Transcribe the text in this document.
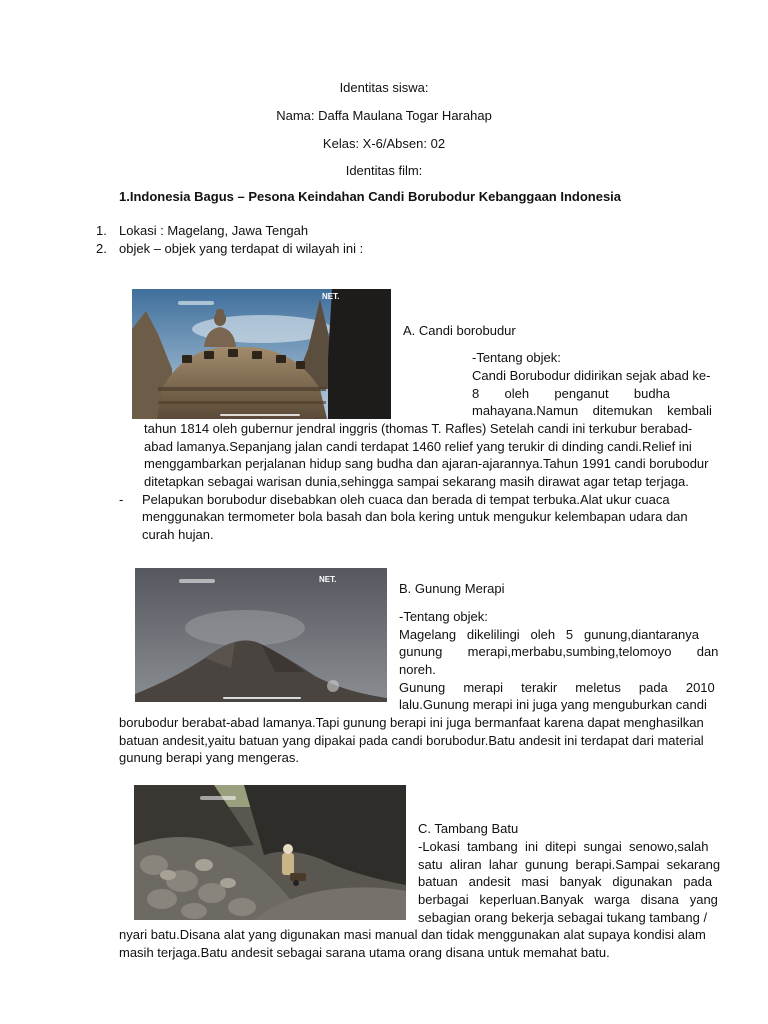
Identitas siswa:
Nama: Daffa Maulana Togar Harahap
Kelas: X-6/Absen: 02
Identitas film:
1.Indonesia Bagus – Pesona Keindahan Candi Borubodur Kebanggaan Indonesia
1. Lokasi : Magelang, Jawa Tengah
2. objek – objek yang terdapat di wilayah ini :
NET.
A. Candi borobudur
-Tentang objek:
Candi Borubodur didirikan sejak abad ke-
8       oleh       penganut       budha
mahayana.Namun    ditemukan    kembali
tahun 1814 oleh gubernur jendral inggris (thomas T. Rafles) Setelah candi ini terkubur berabad-
abad lamanya.Sepanjang jalan candi terdapat 1460 relief yang terukir di dinding candi.Relief ini
menggambarkan perjalanan hidup sang budha dan ajaran-ajarannya.Tahun 1991 candi borubodur
ditetapkan sebagai warisan dunia,sehingga sampai sekarang masih dirawat agar tetap terjaga.
- Pelapukan borubodur disebabkan oleh cuaca dan berada di tempat terbuka.Alat ukur cuaca
menggunakan termometer bola basah dan bola kering untuk mengukur kelembapan udara dan
curah hujan.
NET.
B. Gunung Merapi
-Tentang objek:
Magelang   dikelilingi   oleh   5   gunung,diantaranya
gunung       merapi,merbabu,sumbing,telomoyo       dan
noreh.
Gunung     merapi     terakir     meletus     pada     2010
lalu.Gunung merapi ini juga yang menguburkan candi
borubodur berabat-abad lamanya.Tapi gunung berapi ini juga bermanfaat karena dapat menghasilkan
batuan andesit,yaitu batuan yang dipakai pada candi borubodur.Batu andesit ini terdapat dari material
gunung berapi yang mengeras.
C. Tambang Batu
-Lokasi  tambang  ini  ditepi  sungai  senowo,salah
satu  aliran  lahar  gunung  berapi.Sampai  sekarang
batuan   andesit   masi   banyak   digunakan   pada
berbagai   keperluan.Banyak   warga   disana   yang
sebagian orang bekerja sebagai tukang tambang /
nyari batu.Disana alat yang digunakan masi manual dan tidak menggunakan alat supaya kondisi alam
masih terjaga.Batu andesit sebagai sarana utama orang disana untuk memahat batu.
